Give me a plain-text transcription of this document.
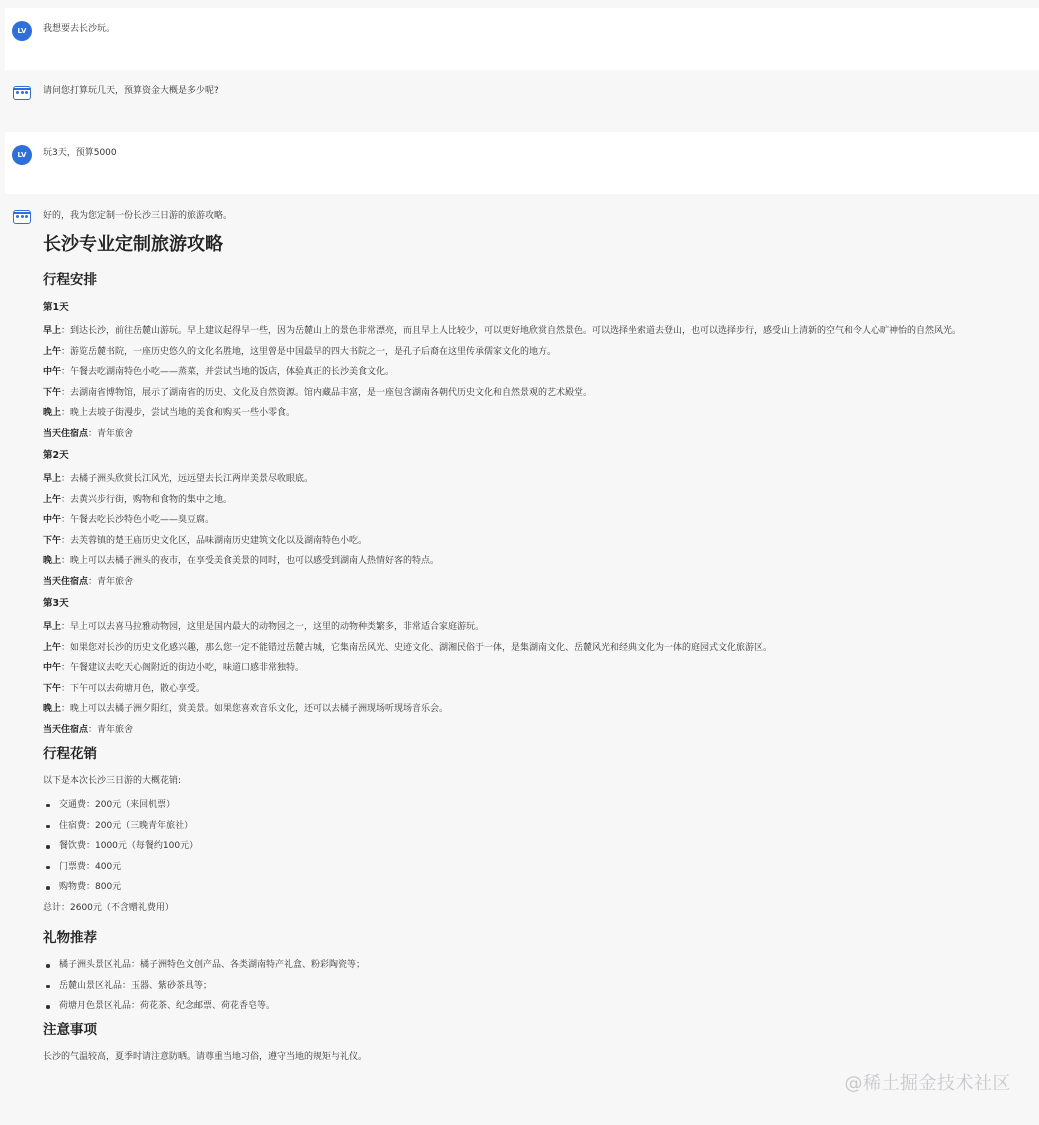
LV	我想要去长沙玩。
请问您打算玩几天，预算资金大概是多少呢?
LV	玩3天，预算5000
好的，我为您定制一份长沙三日游的旅游攻略。
长沙专业定制旅游攻略
行程安排
第1天
早上：到达长沙，前往岳麓山游玩。早上建议起得早一些，因为岳麓山上的景色非常漂亮，而且早上人比较少，可以更好地欣赏自然景色。可以选择坐索道去登山，也可以选择步行，感受山上清新的空气和令人心旷神怡的自然风光。
上午：游览岳麓书院，一座历史悠久的文化名胜地，这里曾是中国最早的四大书院之一，是孔子后裔在这里传承儒家文化的地方。
中午：午餐去吃湖南特色小吃——蒸菜，并尝试当地的饭店，体验真正的长沙美食文化。
下午：去湖南省博物馆，展示了湖南省的历史、文化及自然资源。馆内藏品丰富，是一座包含湖南各朝代历史文化和自然景观的艺术殿堂。
晚上：晚上去坡子街漫步，尝试当地的美食和购买一些小零食。
当天住宿点：青年旅舍
第2天
早上：去橘子洲头欣赏长江风光，远远望去长江两岸美景尽收眼底。
上午：去黄兴步行街，购物和食物的集中之地。
中午：午餐去吃长沙特色小吃——臭豆腐。
下午：去芙蓉镇的楚王庙历史文化区，品味湖南历史建筑文化以及湖南特色小吃。
晚上：晚上可以去橘子洲头的夜市，在享受美食美景的同时，也可以感受到湖南人热情好客的特点。
当天住宿点：青年旅舍
第3天
早上：早上可以去喜马拉雅动物园，这里是国内最大的动物园之一，这里的动物种类繁多，非常适合家庭游玩。
上午：如果您对长沙的历史文化感兴趣，那么您一定不能错过岳麓古城，它集南岳风光、史迹文化、湖湘民俗于一体，是集湖南文化、岳麓风光和经典文化为一体的庭园式文化旅游区。
中午：午餐建议去吃天心阁附近的街边小吃，味道口感非常独特。
下午：下午可以去荷塘月色，散心享受。
晚上：晚上可以去橘子洲夕阳红，赏美景。如果您喜欢音乐文化，还可以去橘子洲现场听现场音乐会。
当天住宿点：青年旅舍
行程花销
以下是本次长沙三日游的大概花销:
交通费：200元（来回机票）
住宿费：200元（三晚青年旅社）
餐饮费：1000元（每餐约100元）
门票费：400元
购物费：800元
总计：2600元（不含赠礼费用）
礼物推荐
橘子洲头景区礼品：橘子洲特色文创产品、各类湖南特产礼盒、粉彩陶瓷等；
岳麓山景区礼品：玉器、紫砂茶具等；
荷塘月色景区礼品：荷花茶、纪念邮票、荷花香皂等。
注意事项
长沙的气温较高，夏季时请注意防晒。请尊重当地习俗，遵守当地的规矩与礼仪。
@稀土掘金技术社区
